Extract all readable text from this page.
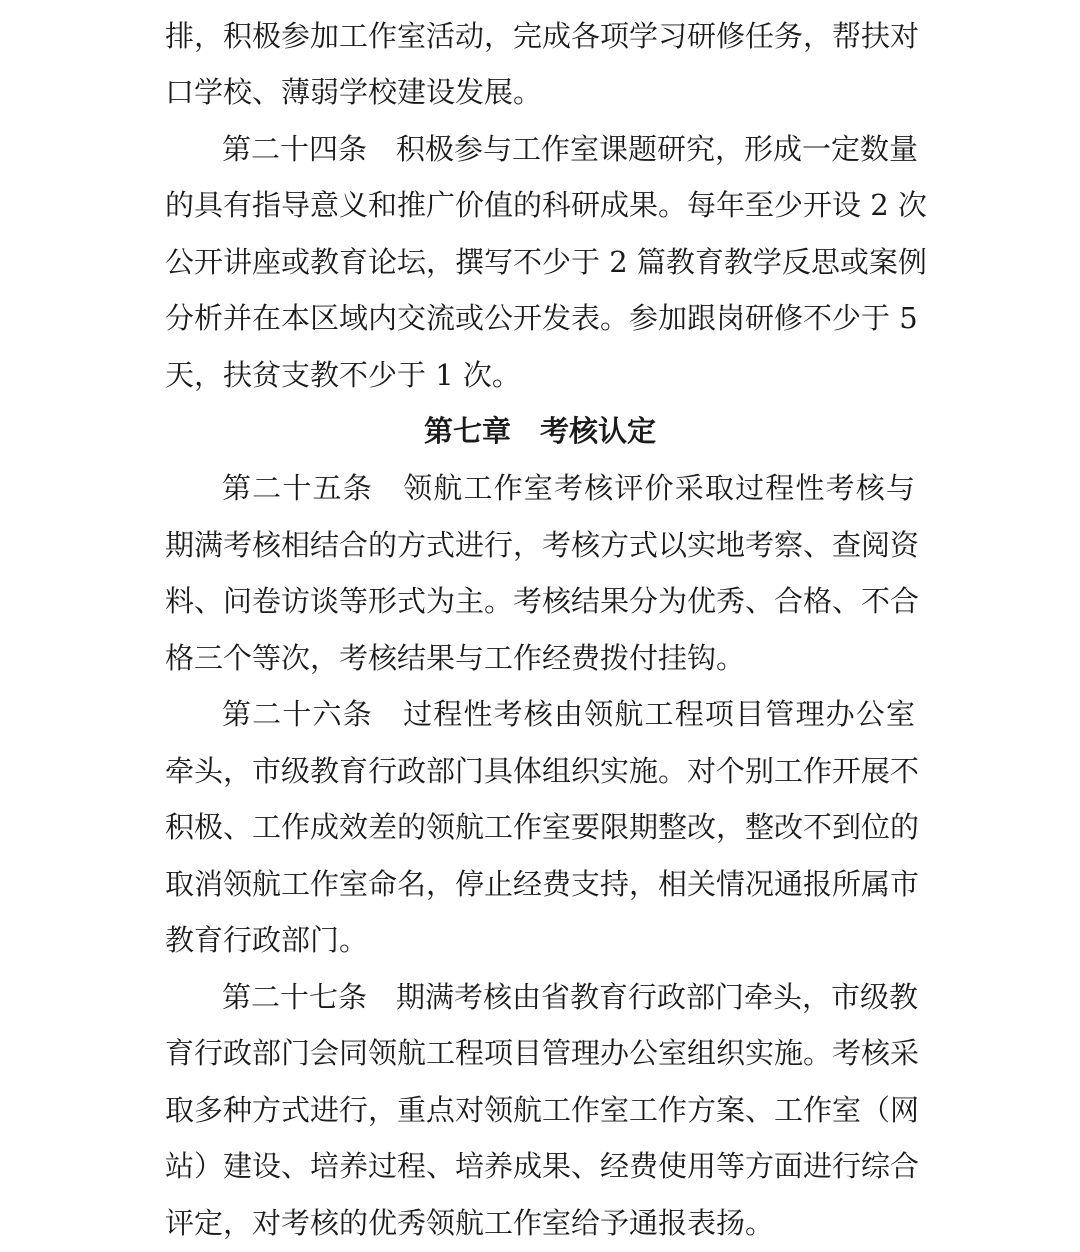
排，积极参加工作室活动，完成各项学习研修任务，帮扶对
口学校、薄弱学校建设发展。
第二十四条　积极参与工作室课题研究，形成一定数量
的具有指导意义和推广价值的科研成果。每年至少开设 2 次
公开讲座或教育论坛，撰写不少于 2 篇教育教学反思或案例
分析并在本区域内交流或公开发表。参加跟岗研修不少于 5
天，扶贫支教不少于 1 次。
第七章　考核认定
第二十五条　领航工作室考核评价采取过程性考核与
期满考核相结合的方式进行，考核方式以实地考察、查阅资
料、问卷访谈等形式为主。考核结果分为优秀、合格、不合
格三个等次，考核结果与工作经费拨付挂钩。
第二十六条　过程性考核由领航工程项目管理办公室
牵头，市级教育行政部门具体组织实施。对个别工作开展不
积极、工作成效差的领航工作室要限期整改，整改不到位的
取消领航工作室命名，停止经费支持，相关情况通报所属市
教育行政部门。
第二十七条　期满考核由省教育行政部门牵头，市级教
育行政部门会同领航工程项目管理办公室组织实施。考核采
取多种方式进行，重点对领航工作室工作方案、工作室（网
站）建设、培养过程、培养成果、经费使用等方面进行综合
评定，对考核的优秀领航工作室给予通报表扬。
